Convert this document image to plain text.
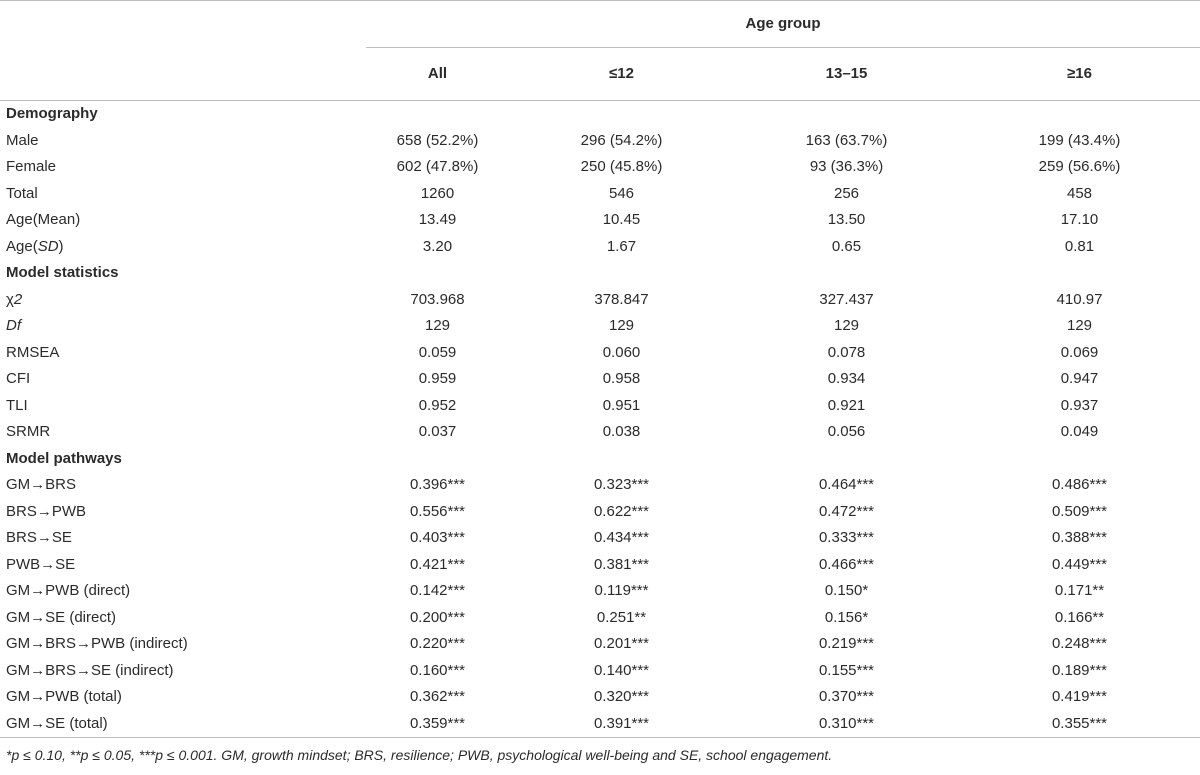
	Age group			
	All	≤12	13–15	≥16
Demography				
Male	658 (52.2%)	296 (54.2%)	163 (63.7%)	199 (43.4%)
Female	602 (47.8%)	250 (45.8%)	93 (36.3%)	259 (56.6%)
Total	1260	546	256	458
Age(Mean)	13.49	10.45	13.50	17.10
Age(SD)	3.20	1.67	0.65	0.81
Model statistics				
χ2	703.968	378.847	327.437	410.97
Df	129	129	129	129
RMSEA	0.059	0.060	0.078	0.069
CFI	0.959	0.958	0.934	0.947
TLI	0.952	0.951	0.921	0.937
SRMR	0.037	0.038	0.056	0.049
Model pathways				
GM→BRS	0.396***	0.323***	0.464***	0.486***
BRS→PWB	0.556***	0.622***	0.472***	0.509***
BRS→SE	0.403***	0.434***	0.333***	0.388***
PWB→SE	0.421***	0.381***	0.466***	0.449***
GM→PWB (direct)	0.142***	0.119***	0.150*	0.171**
GM→SE (direct)	0.200***	0.251**	0.156*	0.166**
GM→BRS→PWB (indirect)	0.220***	0.201***	0.219***	0.248***
GM→BRS→SE (indirect)	0.160***	0.140***	0.155***	0.189***
GM→PWB (total)	0.362***	0.320***	0.370***	0.419***
GM→SE (total)	0.359***	0.391***	0.310***	0.355***
*p ≤ 0.10, **p ≤ 0.05, ***p ≤ 0.001. GM, growth mindset; BRS, resilience; PWB, psychological well-being and SE, school engagement.
